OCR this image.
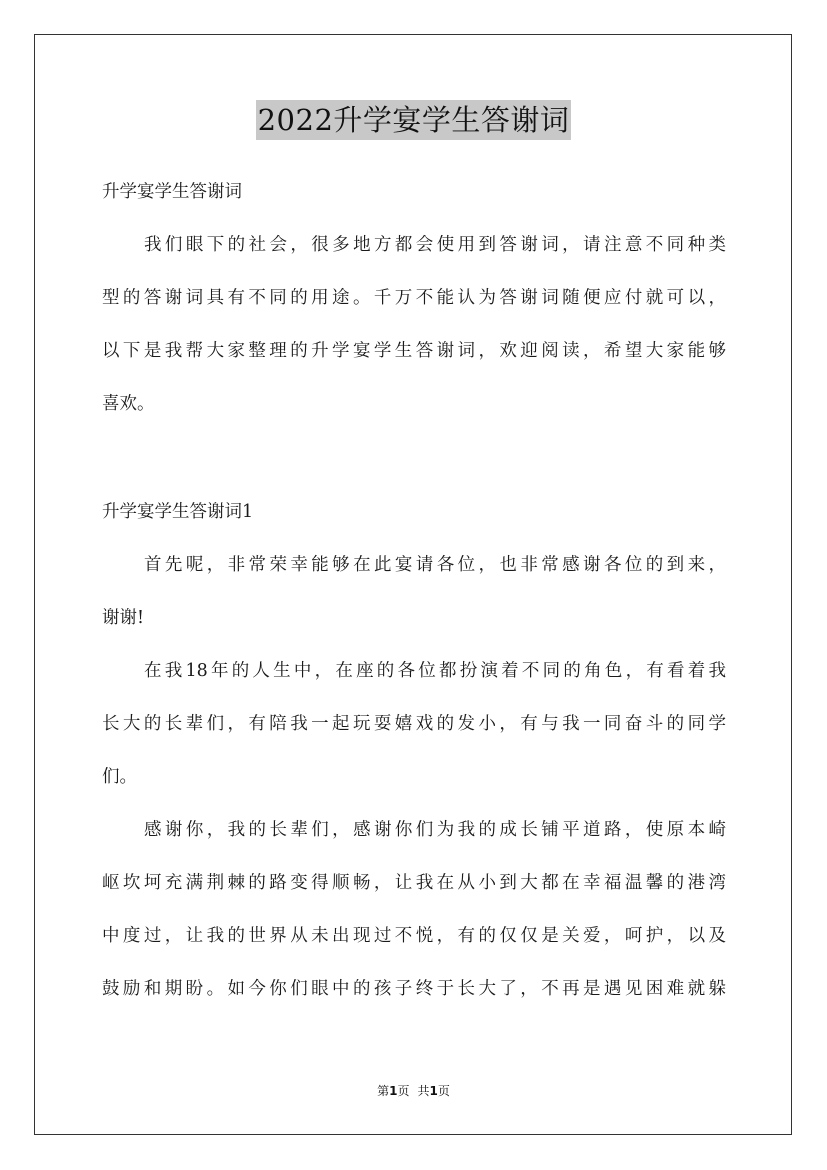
2022升学宴学生答谢词
升学宴学生答谢词
我们眼下的社会，很多地方都会使用到答谢词，请注意不同种类
型的答谢词具有不同的用途。千万不能认为答谢词随便应付就可以，
以下是我帮大家整理的升学宴学生答谢词，欢迎阅读，希望大家能够
喜欢。
升学宴学生答谢词1
首先呢，非常荣幸能够在此宴请各位，也非常感谢各位的到来，
谢谢!
在我18年的人生中，在座的各位都扮演着不同的角色，有看着我
长大的长辈们，有陪我一起玩耍嬉戏的发小，有与我一同奋斗的同学
们。
感谢你，我的长辈们，感谢你们为我的成长铺平道路，使原本崎
岖坎坷充满荆棘的路变得顺畅，让我在从小到大都在幸福温馨的港湾
中度过，让我的世界从未出现过不悦，有的仅仅是关爱，呵护，以及
鼓励和期盼。如今你们眼中的孩子终于长大了，不再是遇见困难就躲
第1页 共1页
